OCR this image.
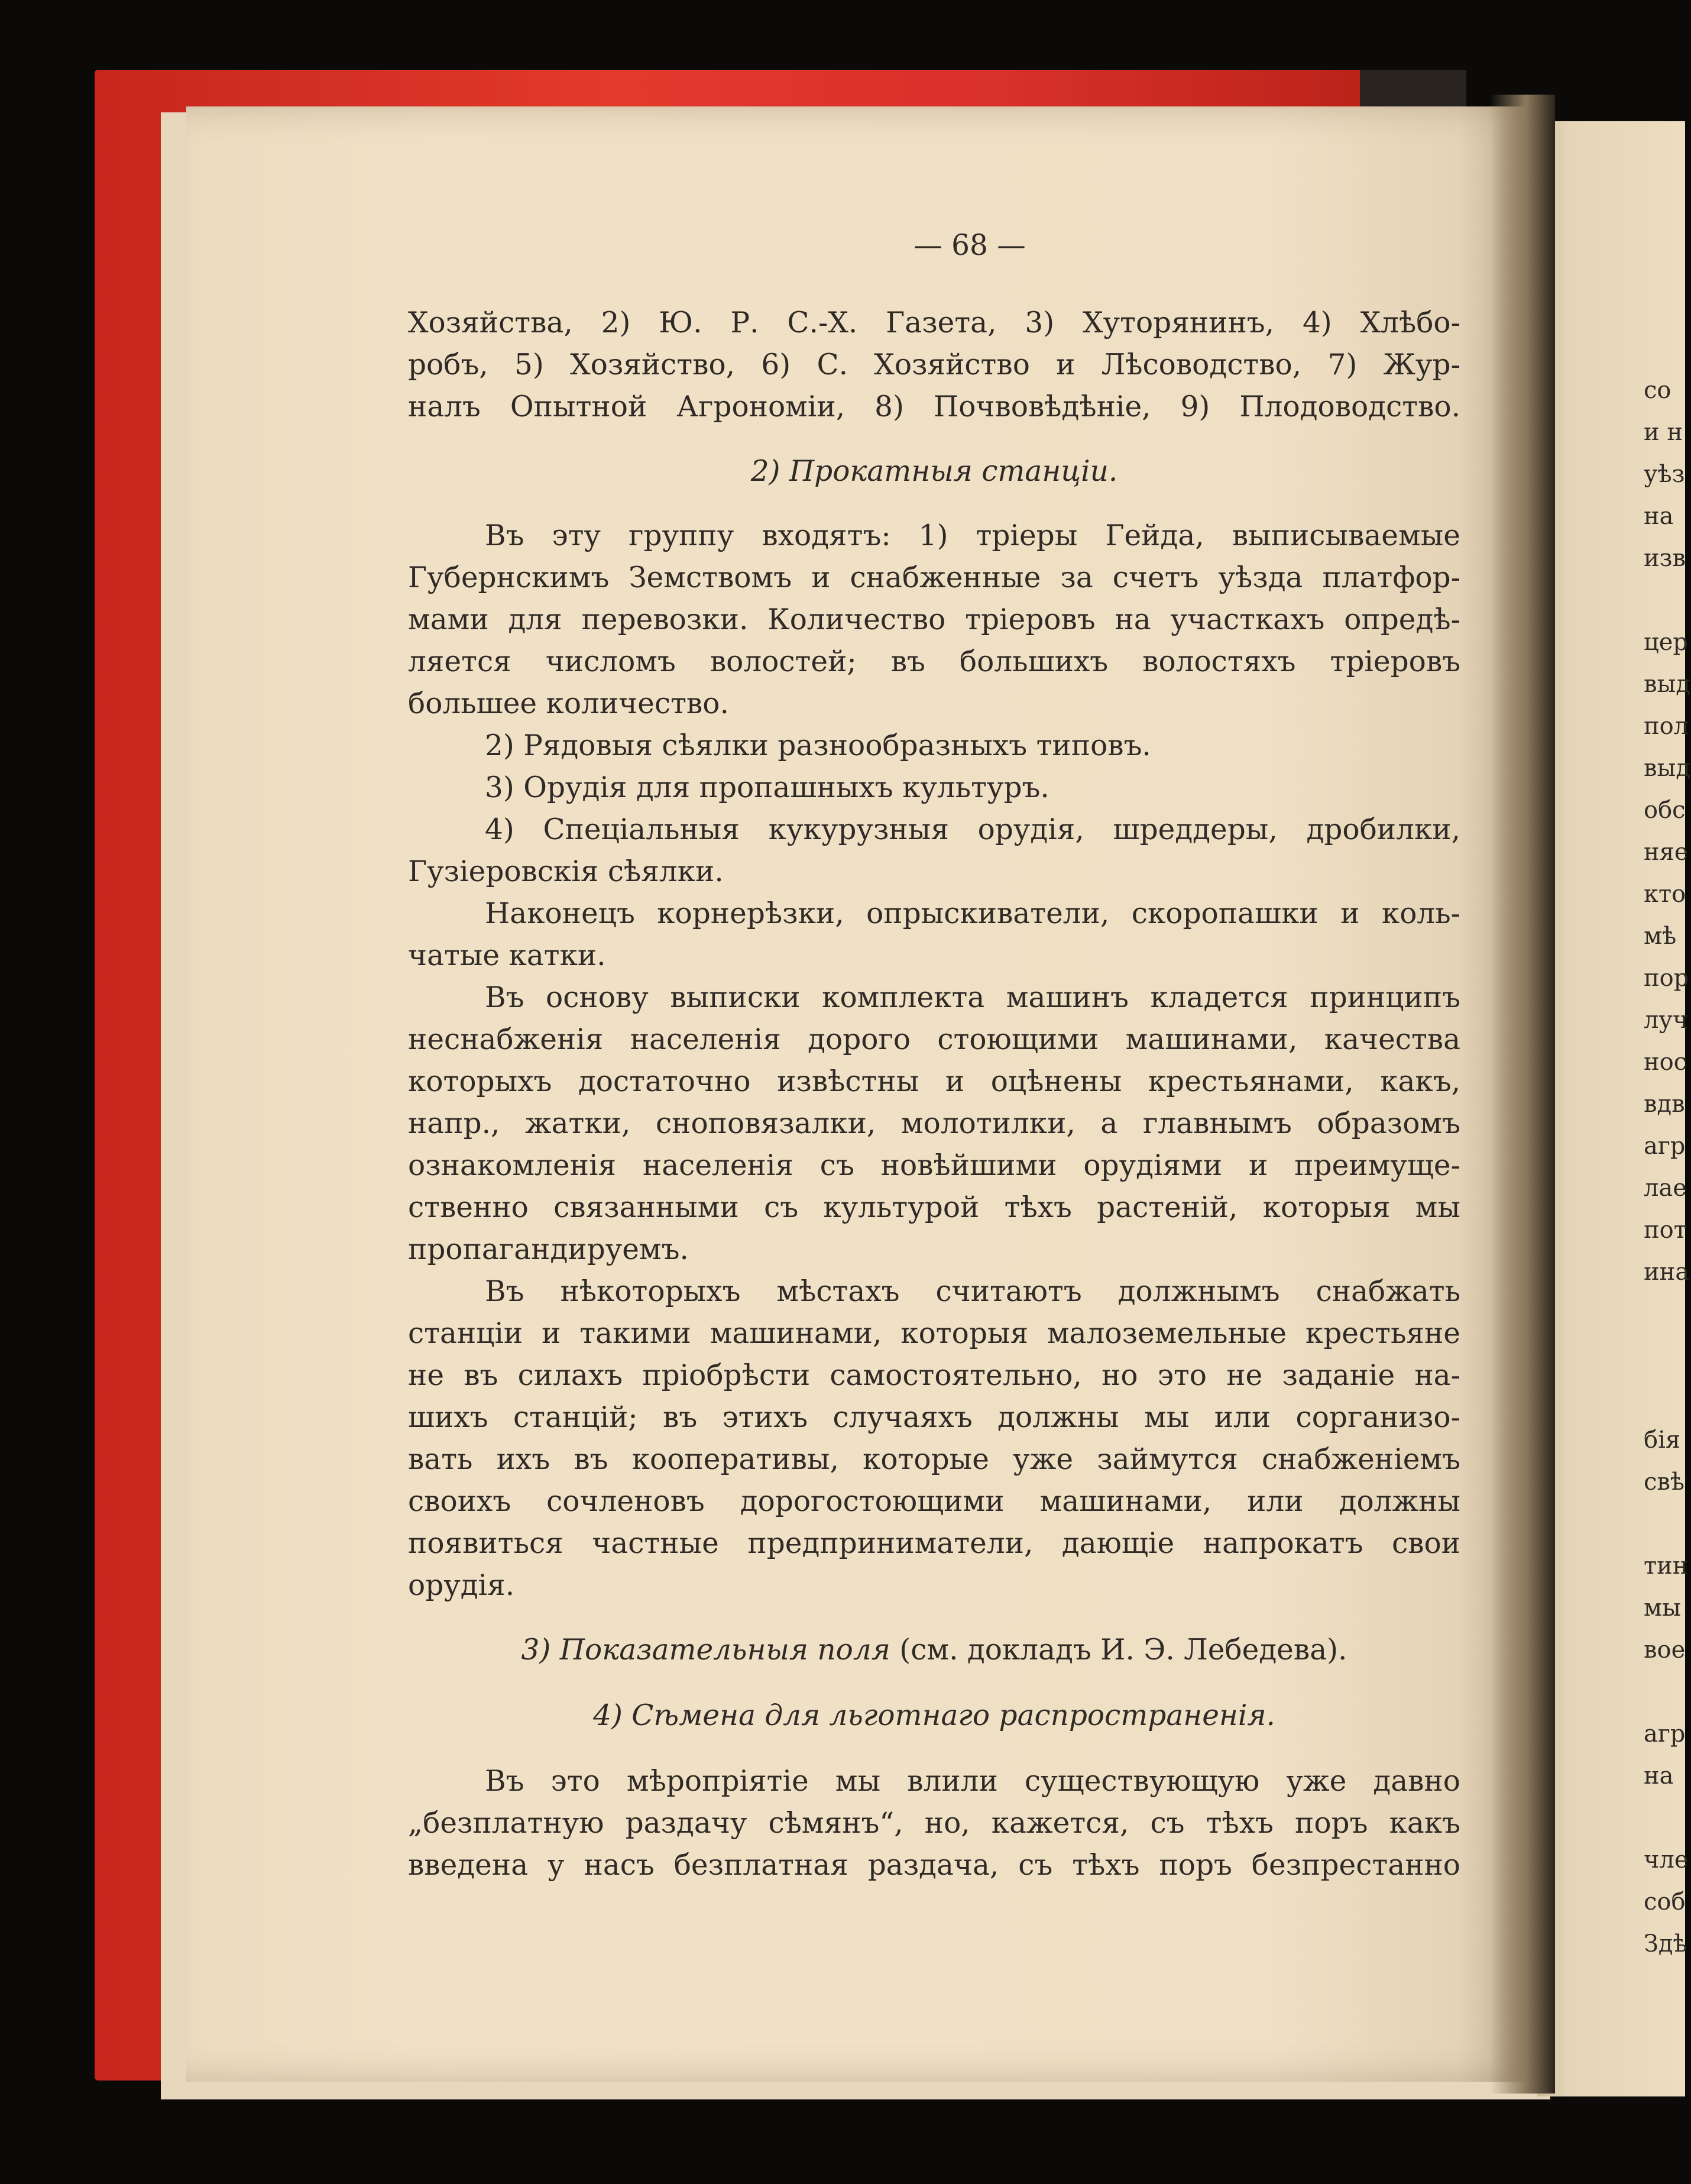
— 68 —
Хозяйства, 2) Ю. Р. С.-Х. Газета, 3) Хуторянинъ, 4) Хлѣбо-
робъ, 5) Хозяйство, 6) С. Хозяйство и Лѣсоводство, 7) Жур-
налъ Опытной Агрономіи, 8) Почвовѣдѣніе, 9) Плодоводство.
2) Прокатныя станціи.
Въ эту группу входятъ: 1) тріеры Гейда, выписываемые
Губернскимъ Земствомъ и снабженные за счетъ уѣзда платфор-
мами для перевозки. Количество тріеровъ на участкахъ опредѣ-
ляется числомъ волостей; въ большихъ волостяхъ тріеровъ
большее количество.
2) Рядовыя сѣялки разнообразныхъ типовъ.
3) Орудія для пропашныхъ культуръ.
4) Спеціальныя кукурузныя орудія, шреддеры, дробилки,
Гузіеровскія сѣялки.
Наконецъ корнерѣзки, опрыскиватели, скоропашки и коль-
чатые катки.
Въ основу выписки комплекта машинъ кладется принципъ
неснабженія населенія дорого стоющими машинами, качества
которыхъ достаточно извѣстны и оцѣнены крестьянами, какъ,
напр., жатки, сноповязалки, молотилки, а главнымъ образомъ
ознакомленія населенія съ новѣйшими орудіями и преимуще-
ственно связанными съ культурой тѣхъ растеній, которыя мы
пропагандируемъ.
Въ нѣкоторыхъ мѣстахъ считаютъ должнымъ снабжать
станціи и такими машинами, которыя малоземельные крестьяне
не въ силахъ пріобрѣсти самостоятельно, но это не заданіе на-
шихъ станцій; въ этихъ случаяхъ должны мы или сорганизо-
вать ихъ въ кооперативы, которые уже займутся снабженіемъ
своихъ сочленовъ дорогостоющими машинами, или должны
появиться частные предприниматели, дающіе напрокатъ свои
орудія.
3) Показательныя поля (см. докладъ И. Э. Лебедева).
4) Сѣмена для льготнаго распространенія.
Въ это мѣропріятіе мы влили существующую уже давно
„безплатную раздачу сѣмянъ“, но, кажется, съ тѣхъ поръ какъ
введена у насъ безплатная раздача, съ тѣхъ поръ безпрестанно
со
и н
уѣз
на
изв
цер
выд
пол
выд
обс
няе
кто
мѣ
пор
луч
нос
вдв
агр
лае
пот
ина
бія
свѣ
тин
мы
вое
агр
на
чле
соб
Здѣ
